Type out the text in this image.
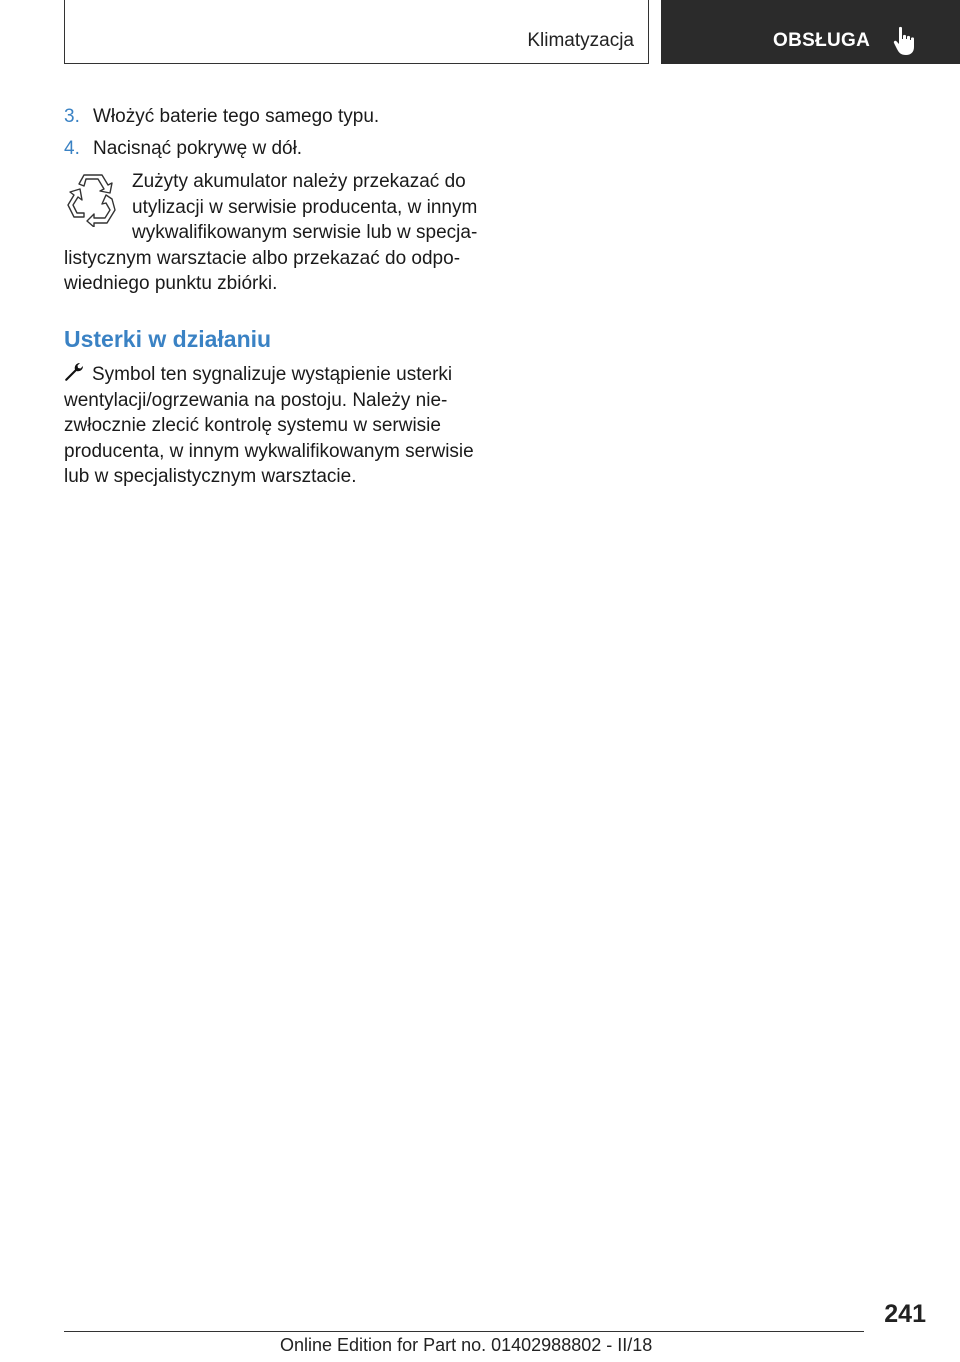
Klimatyzacja	OBSŁUGA
3. Włożyć baterie tego samego typu.
4. Nacisnąć pokrywę w dół.
Zużyty akumulator należy przekazać do utylizacji w serwisie producenta, w innym wykwalifikowanym serwisie lub w specjalistycznym warsztacie albo przekazać do odpowiedniego punktu zbiórki.
Usterki w działaniu
Symbol ten sygnalizuje wystąpienie usterki wentylacji/ogrzewania na postoju. Należy niezwłocznie zlecić kontrolę systemu w serwisie producenta, w innym wykwalifikowanym serwisie lub w specjalistycznym warsztacie.
241
Online Edition for Part no. 01402988802 - II/18
